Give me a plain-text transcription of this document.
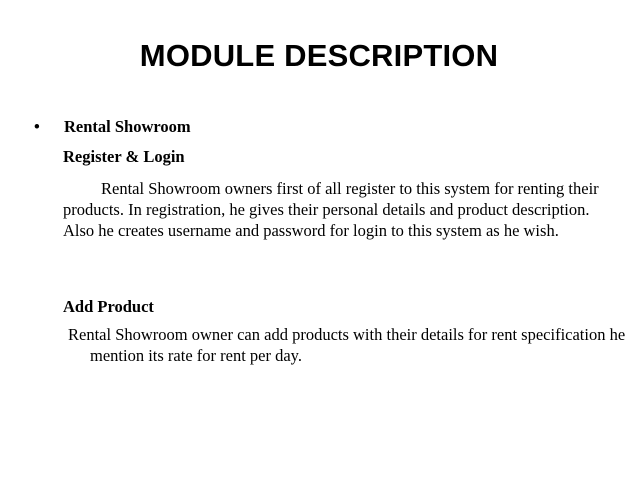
MODULE DESCRIPTION
• Rental Showroom
Register & Login

Rental Showroom owners first of all register to this system for renting their products. In registration, he gives their personal details and product description. Also he creates username and password for login to this system as he wish.

Add Product

Rental Showroom owner can add products with their details for rent specification he mention its rate for rent per day.
